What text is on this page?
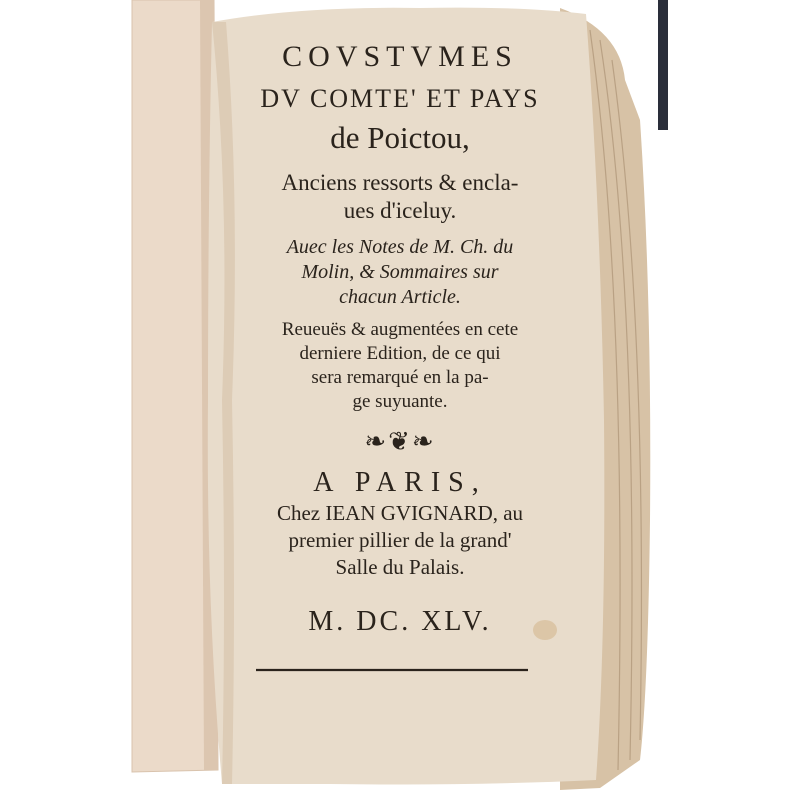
COVSTVMES
DV COMTE' ET PAYS
de Poictou,
Anciens ressorts & encla-
ues d'iceluy.
Auec les Notes de M. Ch. du
Molin, & Sommaires sur
chacun Article.
Reueuës & augmentées en cete
derniere Edition, de ce qui
sera remarqué en la pa-
ge suyuante.
❧❦❧
A PARIS,
Chez IEAN GVIGNARD, au
premier pillier de la grand'
Salle du Palais.
M. DC. XLV.
